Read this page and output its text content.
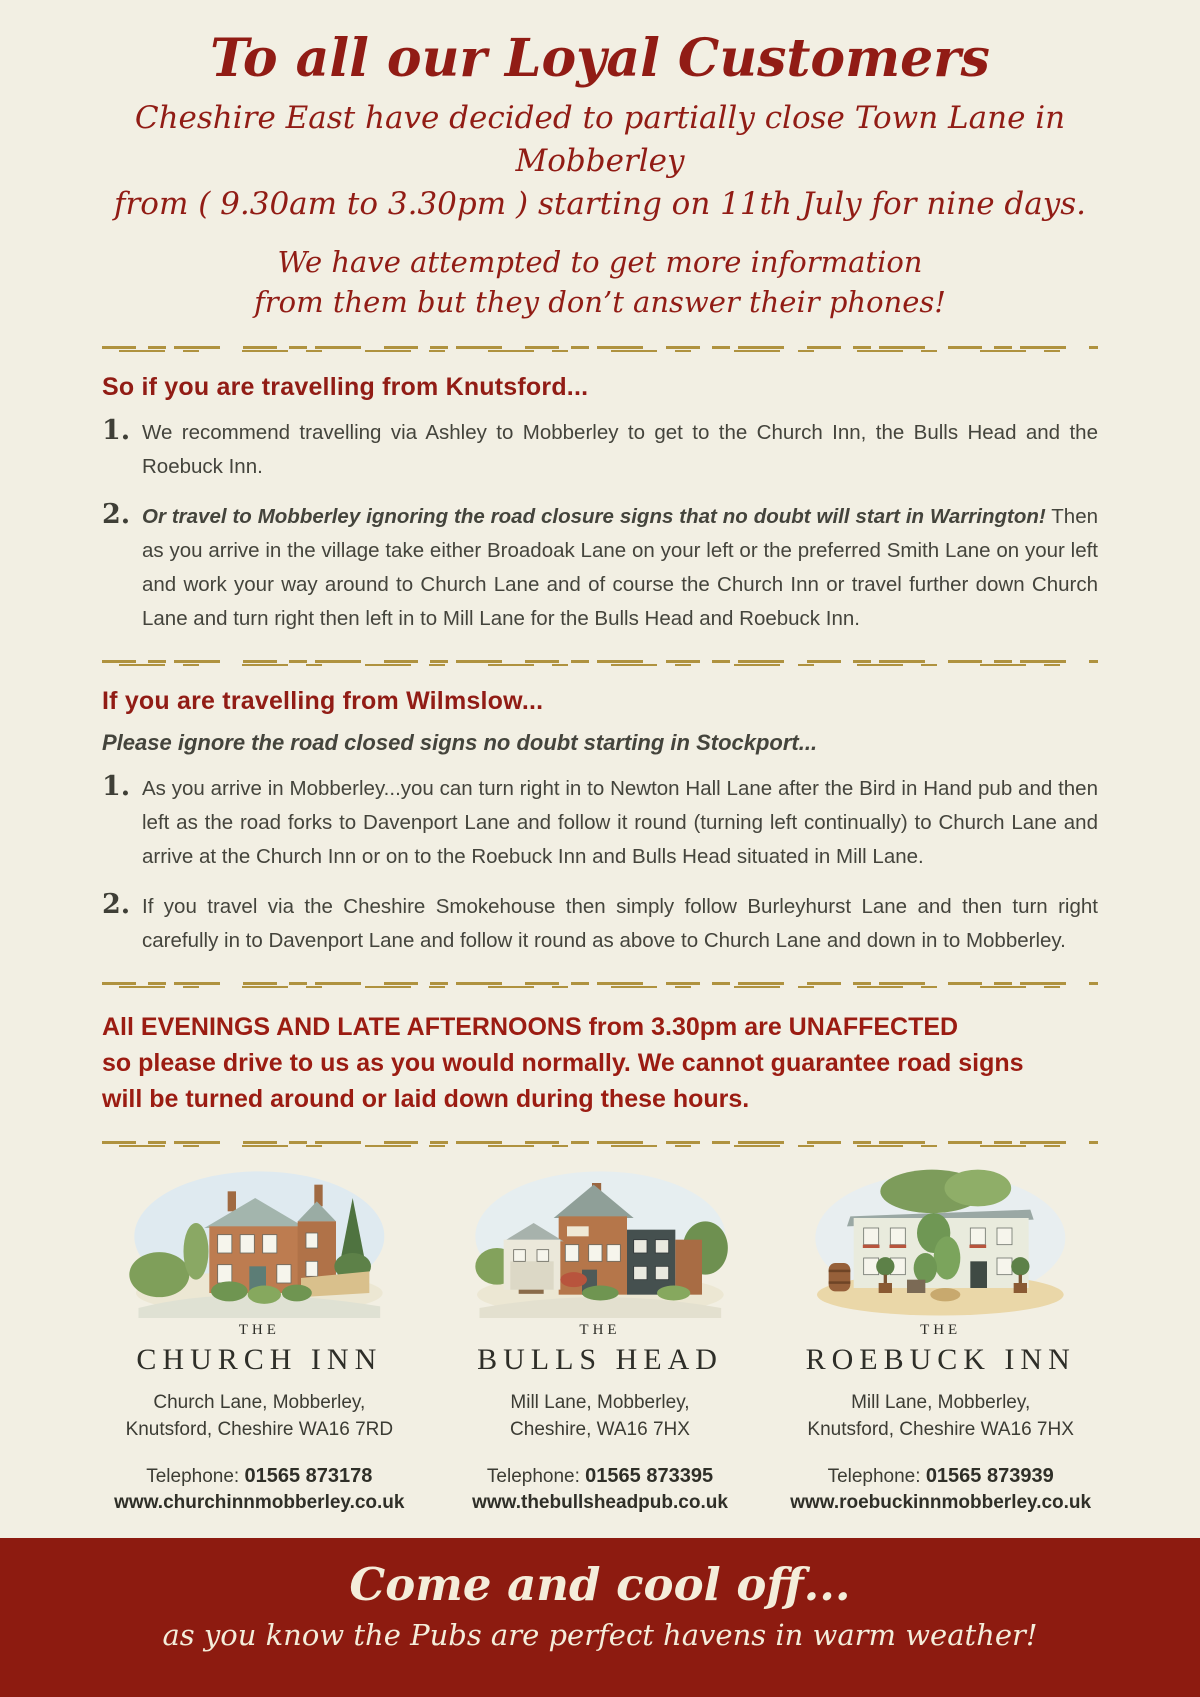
To all our Loyal Customers
Cheshire East have decided to partially close Town Lane in Mobberley
from ( 9.30am to 3.30pm ) starting on 11th July for nine days.
We have attempted to get more information
from them but they don’t answer their phones!
So if you are travelling from Knutsford...
1. We recommend travelling via Ashley to Mobberley to get to the Church Inn, the Bulls Head and the Roebuck Inn.

2. Or travel to Mobberley ignoring the road closure signs that no doubt will start in Warrington! Then as you arrive in the village take either Broadoak Lane on your left or the preferred Smith Lane on your left and work your way around to Church Lane and of course the Church Inn or travel further down Church Lane and turn right then left in to Mill Lane for the Bulls Head and Roebuck Inn.

If you are travelling from Wilmslow...
Please ignore the road closed signs no doubt starting in Stockport...
1. As you arrive in Mobberley...you can turn right in to Newton Hall Lane after the Bird in Hand pub and then left as the road forks to Davenport Lane and follow it round (turning left continually) to Church Lane and arrive at the Church Inn or on to the Roebuck Inn and Bulls Head situated in Mill Lane.

2. If you travel via the Cheshire Smokehouse then simply follow Burleyhurst Lane and then turn right carefully in to Davenport Lane and follow it round as above to Church Lane and down in to Mobberley.

All EVENINGS AND LATE AFTERNOONS from 3.30pm are UNAFFECTED
so please drive to us as you would normally. We cannot guarantee road signs
will be turned around or laid down during these hours.
THE
CHURCH INN
Church Lane, Mobberley,
Knutsford, Cheshire WA16 7RD
Telephone: 01565 873178
www.churchinnmobberley.co.uk
THE
BULLS HEAD
Mill Lane, Mobberley,
Cheshire, WA16 7HX
Telephone: 01565 873395
www.thebullsheadpub.co.uk
THE
ROEBUCK INN
Mill Lane, Mobberley,
Knutsford, Cheshire WA16 7HX
Telephone: 01565 873939
www.roebuckinnmobberley.co.uk
Come and cool off...
as you know the Pubs are perfect havens in warm weather!
